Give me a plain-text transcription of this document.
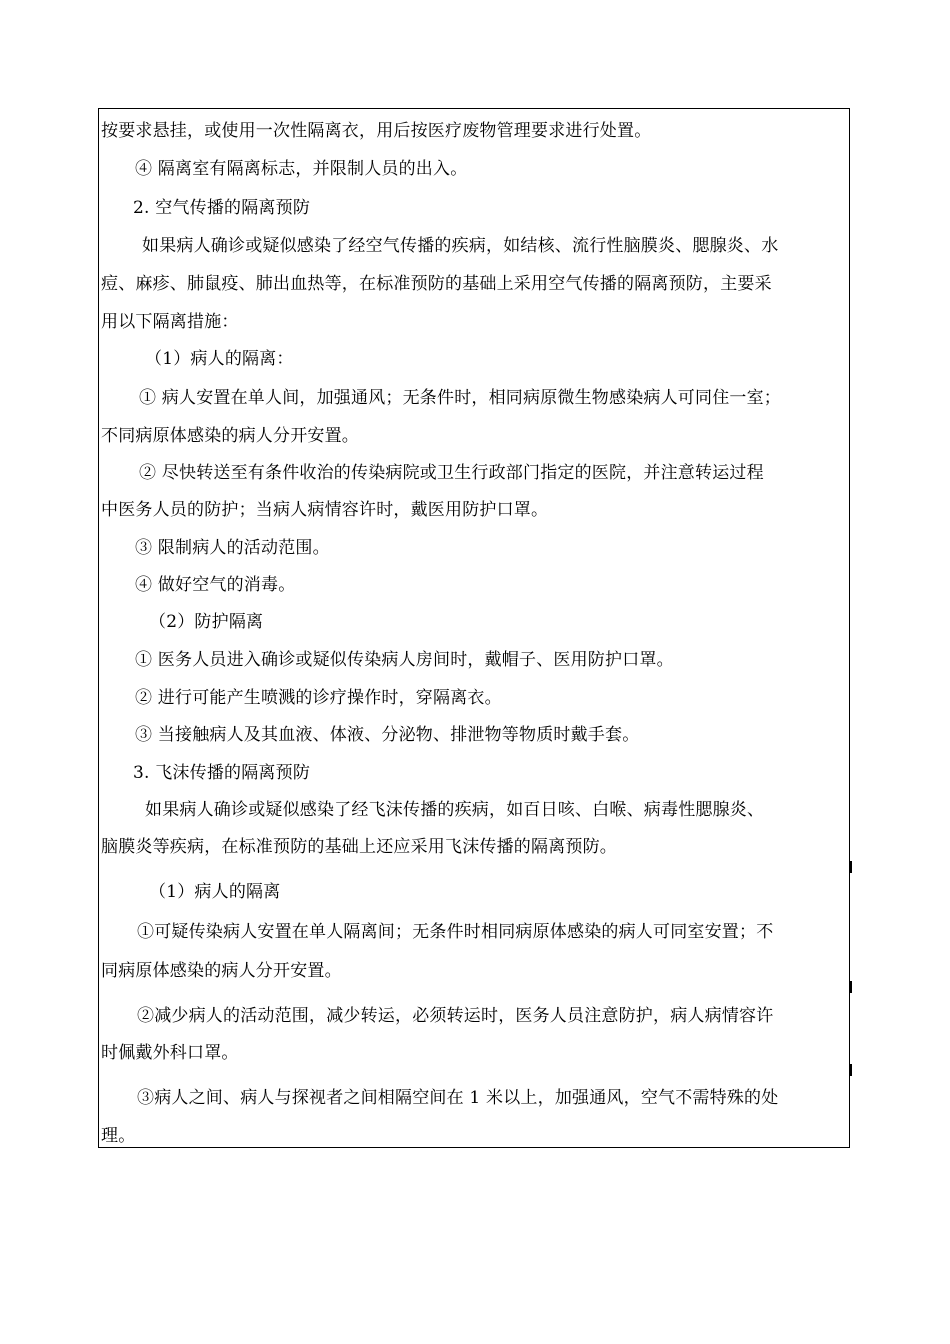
按要求悬挂，或使用一次性隔离衣，用后按医疗废物管理要求进行处置。
④ 隔离室有隔离标志，并限制人员的出入。
2. 空气传播的隔离预防
如果病人确诊或疑似感染了经空气传播的疾病，如结核、流行性脑膜炎、腮腺炎、水
痘、麻疹、肺鼠疫、肺出血热等，在标准预防的基础上采用空气传播的隔离预防，主要采
用以下隔离措施：
（1）病人的隔离：
① 病人安置在单人间，加强通风；无条件时，相同病原微生物感染病人可同住一室；
不同病原体感染的病人分开安置。
② 尽快转送至有条件收治的传染病院或卫生行政部门指定的医院，并注意转运过程
中医务人员的防护；当病人病情容许时，戴医用防护口罩。
③ 限制病人的活动范围。
④ 做好空气的消毒。
（2）防护隔离
① 医务人员进入确诊或疑似传染病人房间时，戴帽子、医用防护口罩。
② 进行可能产生喷溅的诊疗操作时，穿隔离衣。
③ 当接触病人及其血液、体液、分泌物、排泄物等物质时戴手套。
3. 飞沫传播的隔离预防
如果病人确诊或疑似感染了经飞沫传播的疾病，如百日咳、白喉、病毒性腮腺炎、
脑膜炎等疾病，在标准预防的基础上还应采用飞沫传播的隔离预防。
（1）病人的隔离
①可疑传染病人安置在单人隔离间；无条件时相同病原体感染的病人可同室安置；不
同病原体感染的病人分开安置。
②减少病人的活动范围，减少转运，必须转运时，医务人员注意防护，病人病情容许
时佩戴外科口罩。
③病人之间、病人与探视者之间相隔空间在 1 米以上，加强通风，空气不需特殊的处
理。
